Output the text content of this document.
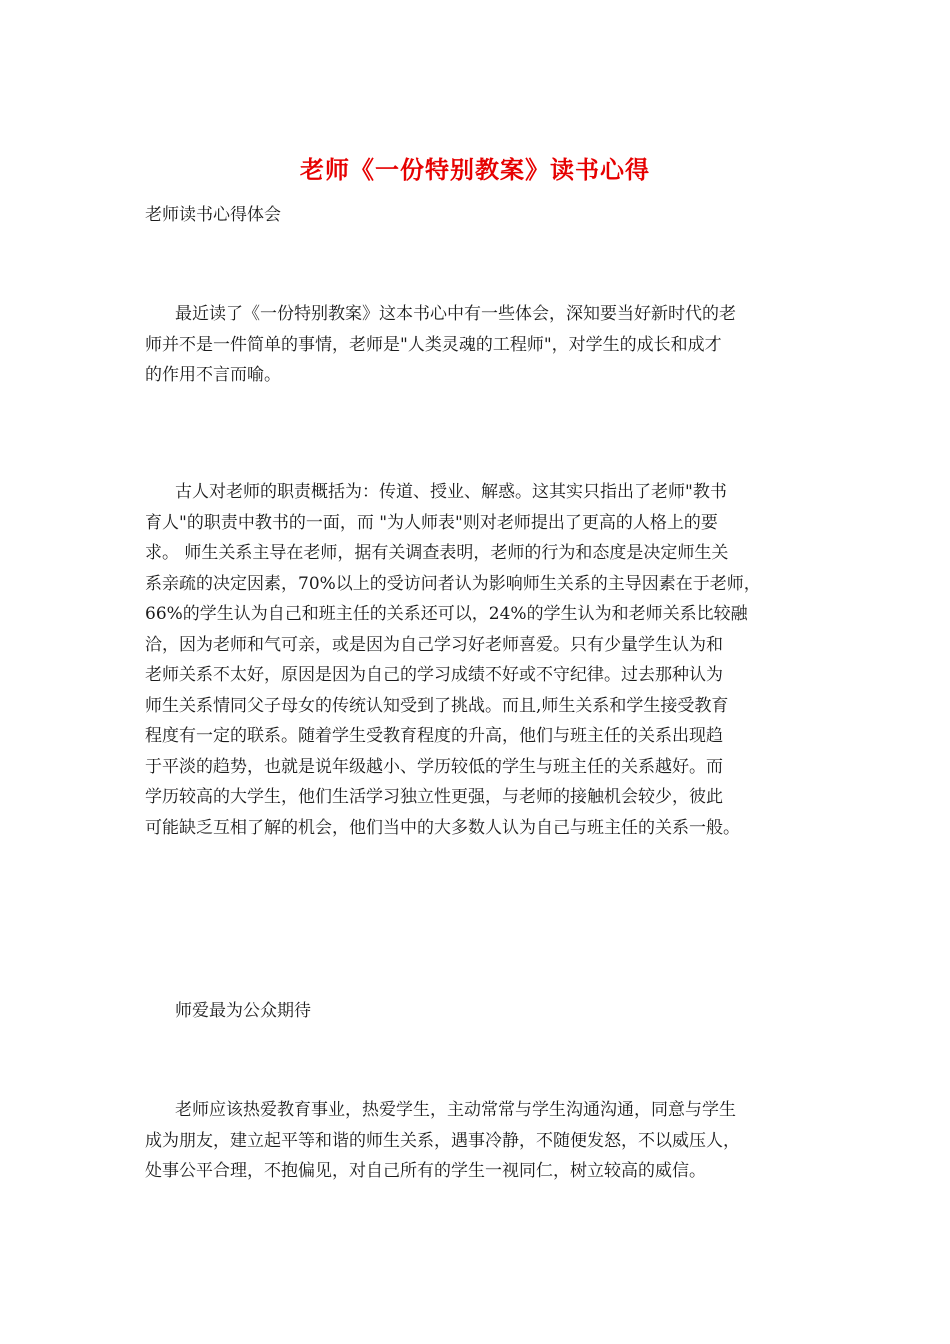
老师《一份特别教案》读书心得

老师读书心得体会

最近读了《一份特别教案》这本书心中有一些体会，深知要当好新时代的老
师并不是一件简单的事情，老师是"人类灵魂的工程师"，对学生的成长和成才
的作用不言而喻。

古人对老师的职责概括为：传道、授业、解惑。这其实只指出了老师"教书
育人"的职责中教书的一面，而 "为人师表"则对老师提出了更高的人格上的要
求。 师生关系主导在老师，据有关调查表明，老师的行为和态度是决定师生关
系亲疏的决定因素，70%以上的受访问者认为影响师生关系的主导因素在于老师，
66%的学生认为自己和班主任的关系还可以，24%的学生认为和老师关系比较融
洽，因为老师和气可亲，或是因为自己学习好老师喜爱。只有少量学生认为和
老师关系不太好，原因是因为自己的学习成绩不好或不守纪律。过去那种认为
师生关系情同父子母女的传统认知受到了挑战。而且,师生关系和学生接受教育
程度有一定的联系。随着学生受教育程度的升高，他们与班主任的关系出现趋
于平淡的趋势，也就是说年级越小、学历较低的学生与班主任的关系越好。而
学历较高的大学生，他们生活学习独立性更强，与老师的接触机会较少，彼此
可能缺乏互相了解的机会，他们当中的大多数人认为自己与班主任的关系一般。

师爱最为公众期待

老师应该热爱教育事业，热爱学生，主动常常与学生沟通沟通，同意与学生
成为朋友，建立起平等和谐的师生关系，遇事冷静，不随便发怒，不以威压人，
处事公平合理，不抱偏见，对自己所有的学生一视同仁，树立较高的威信。
